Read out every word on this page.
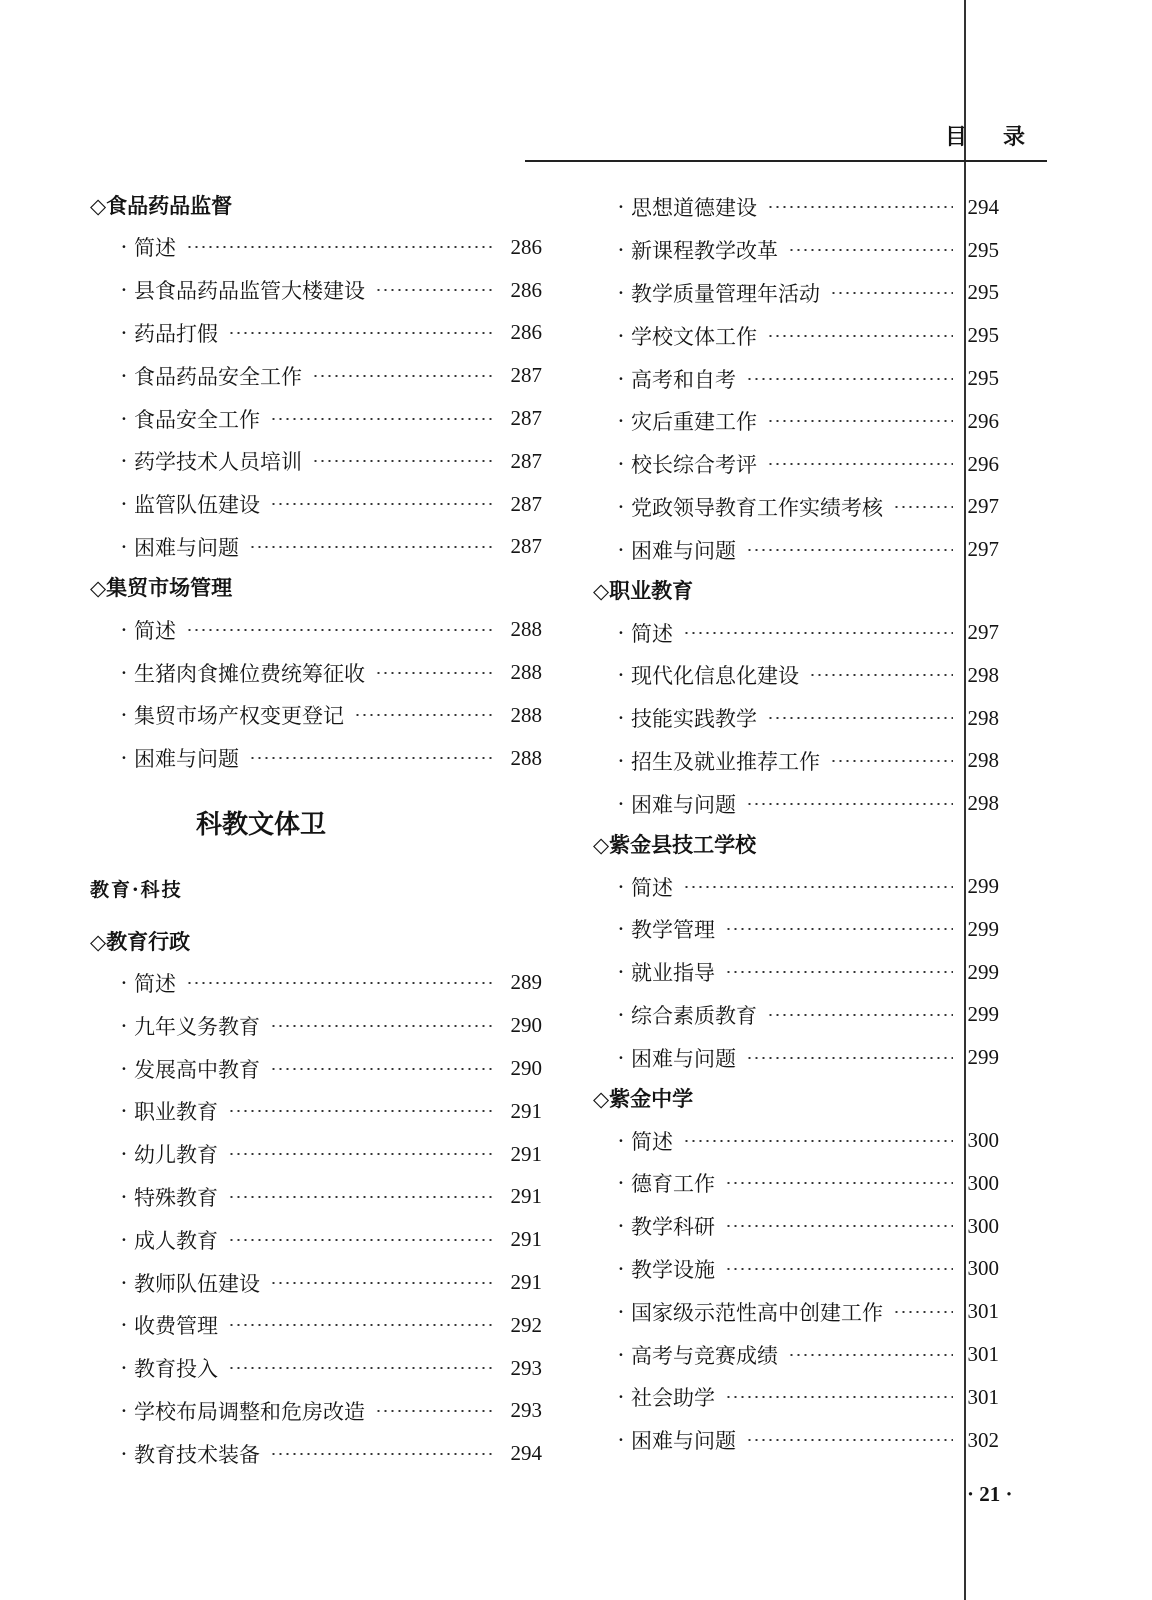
目录
◇食品药品监督
· 简述	286
· 县食品药品监管大楼建设	286
· 药品打假	286
· 食品药品安全工作	287
· 食品安全工作	287
· 药学技术人员培训	287
· 监管队伍建设	287
· 困难与问题	287
◇集贸市场管理
· 简述	288
· 生猪肉食摊位费统筹征收	288
· 集贸市场产权变更登记	288
· 困难与问题	288
科教文体卫
教育·科技
◇教育行政
· 简述	289
· 九年义务教育	290
· 发展高中教育	290
· 职业教育	291
· 幼儿教育	291
· 特殊教育	291
· 成人教育	291
· 教师队伍建设	291
· 收费管理	292
· 教育投入	293
· 学校布局调整和危房改造	293
· 教育技术装备	294
· 思想道德建设	294
· 新课程教学改革	295
· 教学质量管理年活动	295
· 学校文体工作	295
· 高考和自考	295
· 灾后重建工作	296
· 校长综合考评	296
· 党政领导教育工作实绩考核	297
· 困难与问题	297
◇职业教育
· 简述	297
· 现代化信息化建设	298
· 技能实践教学	298
· 招生及就业推荐工作	298
· 困难与问题	298
◇紫金县技工学校
· 简述	299
· 教学管理	299
· 就业指导	299
· 综合素质教育	299
· 困难与问题	299
◇紫金中学
· 简述	300
· 德育工作	300
· 教学科研	300
· 教学设施	300
· 国家级示范性高中创建工作	301
· 高考与竞赛成绩	301
· 社会助学	301
· 困难与问题	302
· 21 ·
